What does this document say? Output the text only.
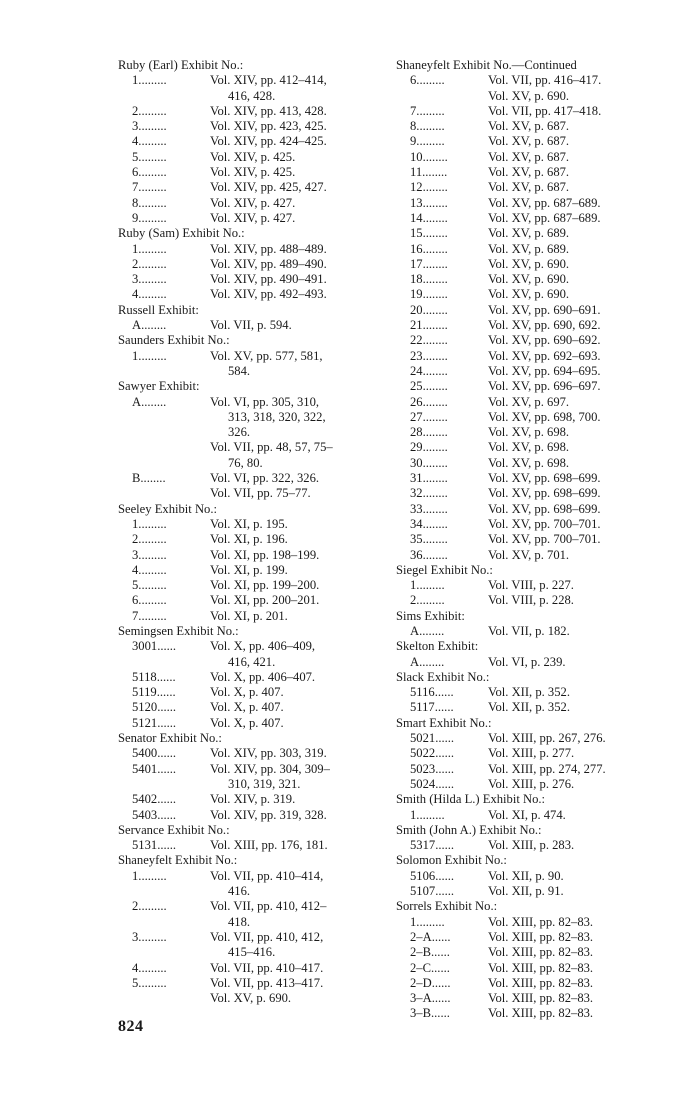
Ruby (Earl) Exhibit No.:
1.........	Vol. XIV, pp. 412–414,
416, 428.
2.........	Vol. XIV, pp. 413, 428.
3.........	Vol. XIV, pp. 423, 425.
4.........	Vol. XIV, pp. 424–425.
5.........	Vol. XIV, p. 425.
6.........	Vol. XIV, p. 425.
7.........	Vol. XIV, pp. 425, 427.
8.........	Vol. XIV, p. 427.
9.........	Vol. XIV, p. 427.
Ruby (Sam) Exhibit No.:
1.........	Vol. XIV, pp. 488–489.
2.........	Vol. XIV, pp. 489–490.
3.........	Vol. XIV, pp. 490–491.
4.........	Vol. XIV, pp. 492–493.
Russell Exhibit:
A........	Vol. VII, p. 594.
Saunders Exhibit No.:
1.........	Vol. XV, pp. 577, 581,
584.
Sawyer Exhibit:
A........	Vol. VI, pp. 305, 310,
313, 318, 320, 322,
326.
Vol. VII, pp. 48, 57, 75–
76, 80.
B........	Vol. VI, pp. 322, 326.
Vol. VII, pp. 75–77.
Seeley Exhibit No.:
1.........	Vol. XI, p. 195.
2.........	Vol. XI, p. 196.
3.........	Vol. XI, pp. 198–199.
4.........	Vol. XI, p. 199.
5.........	Vol. XI, pp. 199–200.
6.........	Vol. XI, pp. 200–201.
7.........	Vol. XI, p. 201.
Semingsen Exhibit No.:
3001......	Vol. X, pp. 406–409,
416, 421.
5118......	Vol. X, pp. 406–407.
5119......	Vol. X, p. 407.
5120......	Vol. X, p. 407.
5121......	Vol. X, p. 407.
Senator Exhibit No.:
5400......	Vol. XIV, pp. 303, 319.
5401......	Vol. XIV, pp. 304, 309–
310, 319, 321.
5402......	Vol. XIV, p. 319.
5403......	Vol. XIV, pp. 319, 328.
Servance Exhibit No.:
5131......	Vol. XIII, pp. 176, 181.
Shaneyfelt Exhibit No.:
1.........	Vol. VII, pp. 410–414,
416.
2.........	Vol. VII, pp. 410, 412–
418.
3.........	Vol. VII, pp. 410, 412,
415–416.
4.........	Vol. VII, pp. 410–417.
5.........	Vol. VII, pp. 413–417.
Vol. XV, p. 690.
Shaneyfelt Exhibit No.—Continued
6.........	Vol. VII, pp. 416–417.
Vol. XV, p. 690.
7.........	Vol. VII, pp. 417–418.
8.........	Vol. XV, p. 687.
9.........	Vol. XV, p. 687.
10........	Vol. XV, p. 687.
11........	Vol. XV, p. 687.
12........	Vol. XV, p. 687.
13........	Vol. XV, pp. 687–689.
14........	Vol. XV, pp. 687–689.
15........	Vol. XV, p. 689.
16........	Vol. XV, p. 689.
17........	Vol. XV, p. 690.
18........	Vol. XV, p. 690.
19........	Vol. XV, p. 690.
20........	Vol. XV, pp. 690–691.
21........	Vol. XV, pp. 690, 692.
22........	Vol. XV, pp. 690–692.
23........	Vol. XV, pp. 692–693.
24........	Vol. XV, pp. 694–695.
25........	Vol. XV, pp. 696–697.
26........	Vol. XV, p. 697.
27........	Vol. XV, pp. 698, 700.
28........	Vol. XV, p. 698.
29........	Vol. XV, p. 698.
30........	Vol. XV, p. 698.
31........	Vol. XV, pp. 698–699.
32........	Vol. XV, pp. 698–699.
33........	Vol. XV, pp. 698–699.
34........	Vol. XV, pp. 700–701.
35........	Vol. XV, pp. 700–701.
36........	Vol. XV, p. 701.
Siegel Exhibit No.:
1.........	Vol. VIII, p. 227.
2.........	Vol. VIII, p. 228.
Sims Exhibit:
A........	Vol. VII, p. 182.
Skelton Exhibit:
A........	Vol. VI, p. 239.
Slack Exhibit No.:
5116......	Vol. XII, p. 352.
5117......	Vol. XII, p. 352.
Smart Exhibit No.:
5021......	Vol. XIII, pp. 267, 276.
5022......	Vol. XIII, p. 277.
5023......	Vol. XIII, pp. 274, 277.
5024......	Vol. XIII, p. 276.
Smith (Hilda L.) Exhibit No.:
1.........	Vol. XI, p. 474.
Smith (John A.) Exhibit No.:
5317......	Vol. XIII, p. 283.
Solomon Exhibit No.:
5106......	Vol. XII, p. 90.
5107......	Vol. XII, p. 91.
Sorrels Exhibit No.:
1.........	Vol. XIII, pp. 82–83.
2–A......	Vol. XIII, pp. 82–83.
2–B......	Vol. XIII, pp. 82–83.
2–C......	Vol. XIII, pp. 82–83.
2–D......	Vol. XIII, pp. 82–83.
3–A......	Vol. XIII, pp. 82–83.
3–B......	Vol. XIII, pp. 82–83.
824
